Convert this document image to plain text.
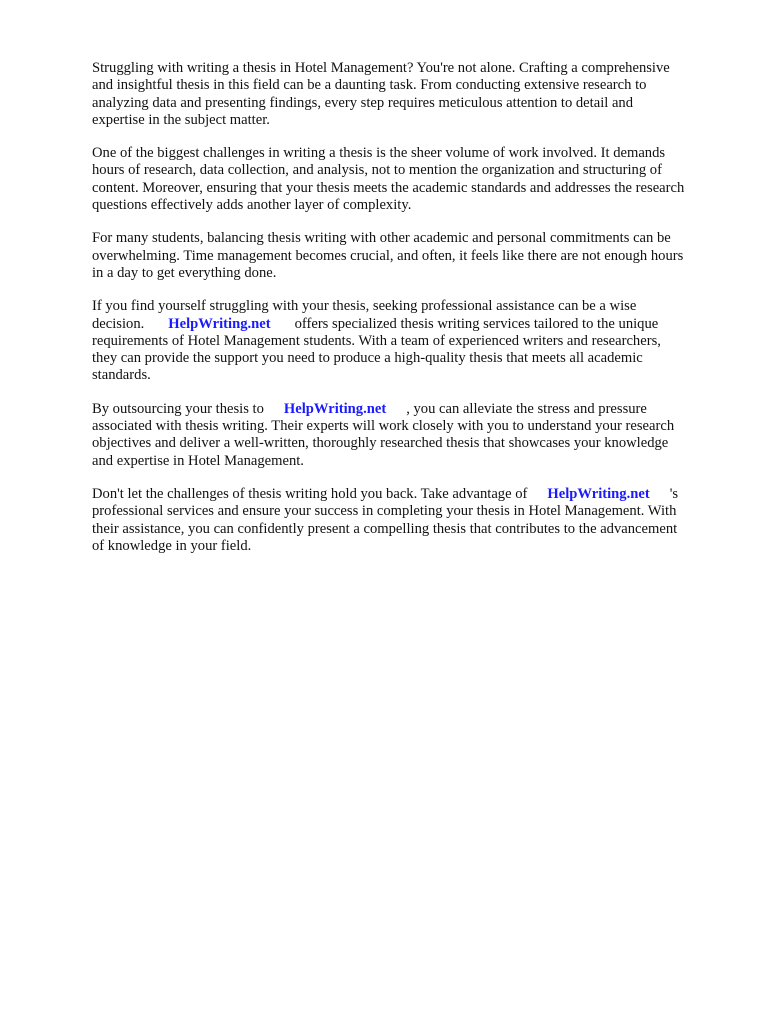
Struggling with writing a thesis in Hotel Management? You're not alone. Crafting a comprehensive
and insightful thesis in this field can be a daunting task. From conducting extensive research to
analyzing data and presenting findings, every step requires meticulous attention to detail and
expertise in the subject matter.

One of the biggest challenges in writing a thesis is the sheer volume of work involved. It demands
hours of research, data collection, and analysis, not to mention the organization and structuring of
content. Moreover, ensuring that your thesis meets the academic standards and addresses the research
questions effectively adds another layer of complexity.

For many students, balancing thesis writing with other academic and personal commitments can be
overwhelming. Time management becomes crucial, and often, it feels like there are not enough hours
in a day to get everything done.

If you find yourself struggling with your thesis, seeking professional assistance can be a wise
decision. HelpWriting.net offers specialized thesis writing services tailored to the unique
requirements of Hotel Management students. With a team of experienced writers and researchers,
they can provide the support you need to produce a high-quality thesis that meets all academic
standards.

By outsourcing your thesis to HelpWriting.net , you can alleviate the stress and pressure
associated with thesis writing. Their experts will work closely with you to understand your research
objectives and deliver a well-written, thoroughly researched thesis that showcases your knowledge
and expertise in Hotel Management.

Don't let the challenges of thesis writing hold you back. Take advantage of HelpWriting.net 's
professional services and ensure your success in completing your thesis in Hotel Management. With
their assistance, you can confidently present a compelling thesis that contributes to the advancement
of knowledge in your field.
